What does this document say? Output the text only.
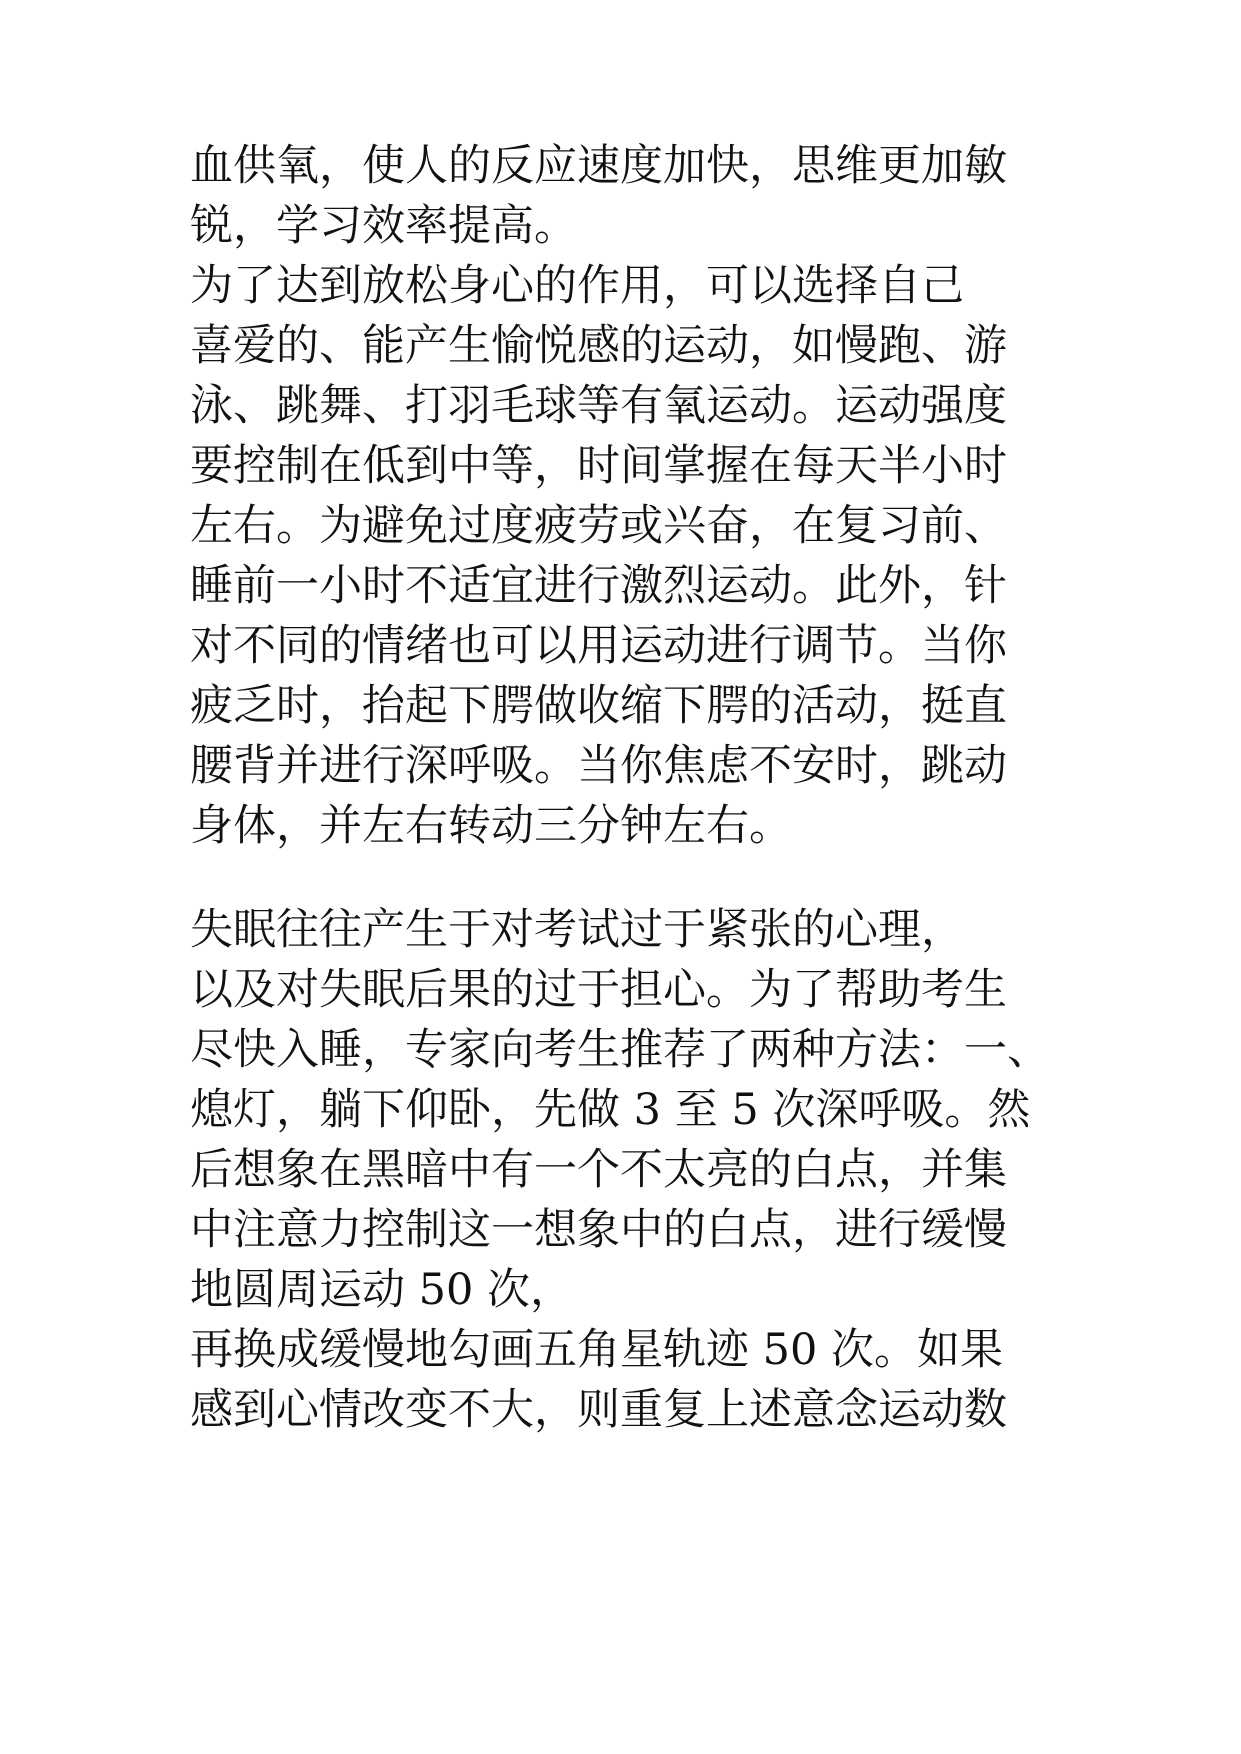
血供氧，使人的反应速度加快，思维更加敏
锐，学习效率提高。
为了达到放松身心的作用，可以选择自己
喜爱的、能产生愉悦感的运动，如慢跑、游
泳、跳舞、打羽毛球等有氧运动。运动强度
要控制在低到中等，时间掌握在每天半小时
左右。为避免过度疲劳或兴奋，在复习前、
睡前一小时不适宜进行激烈运动。此外，针
对不同的情绪也可以用运动进行调节。当你
疲乏时，抬起下腭做收缩下腭的活动，挺直
腰背并进行深呼吸。当你焦虑不安时，跳动
身体，并左右转动三分钟左右。
失眠往往产生于对考试过于紧张的心理，
以及对失眠后果的过于担心。为了帮助考生
尽快入睡，专家向考生推荐了两种方法：一、
熄灯，躺下仰卧，先做 3 至 5 次深呼吸。然
后想象在黑暗中有一个不太亮的白点，并集
中注意力控制这一想象中的白点，进行缓慢
地圆周运动 50 次，
再换成缓慢地勾画五角星轨迹 50 次。如果
感到心情改变不大，则重复上述意念运动数
